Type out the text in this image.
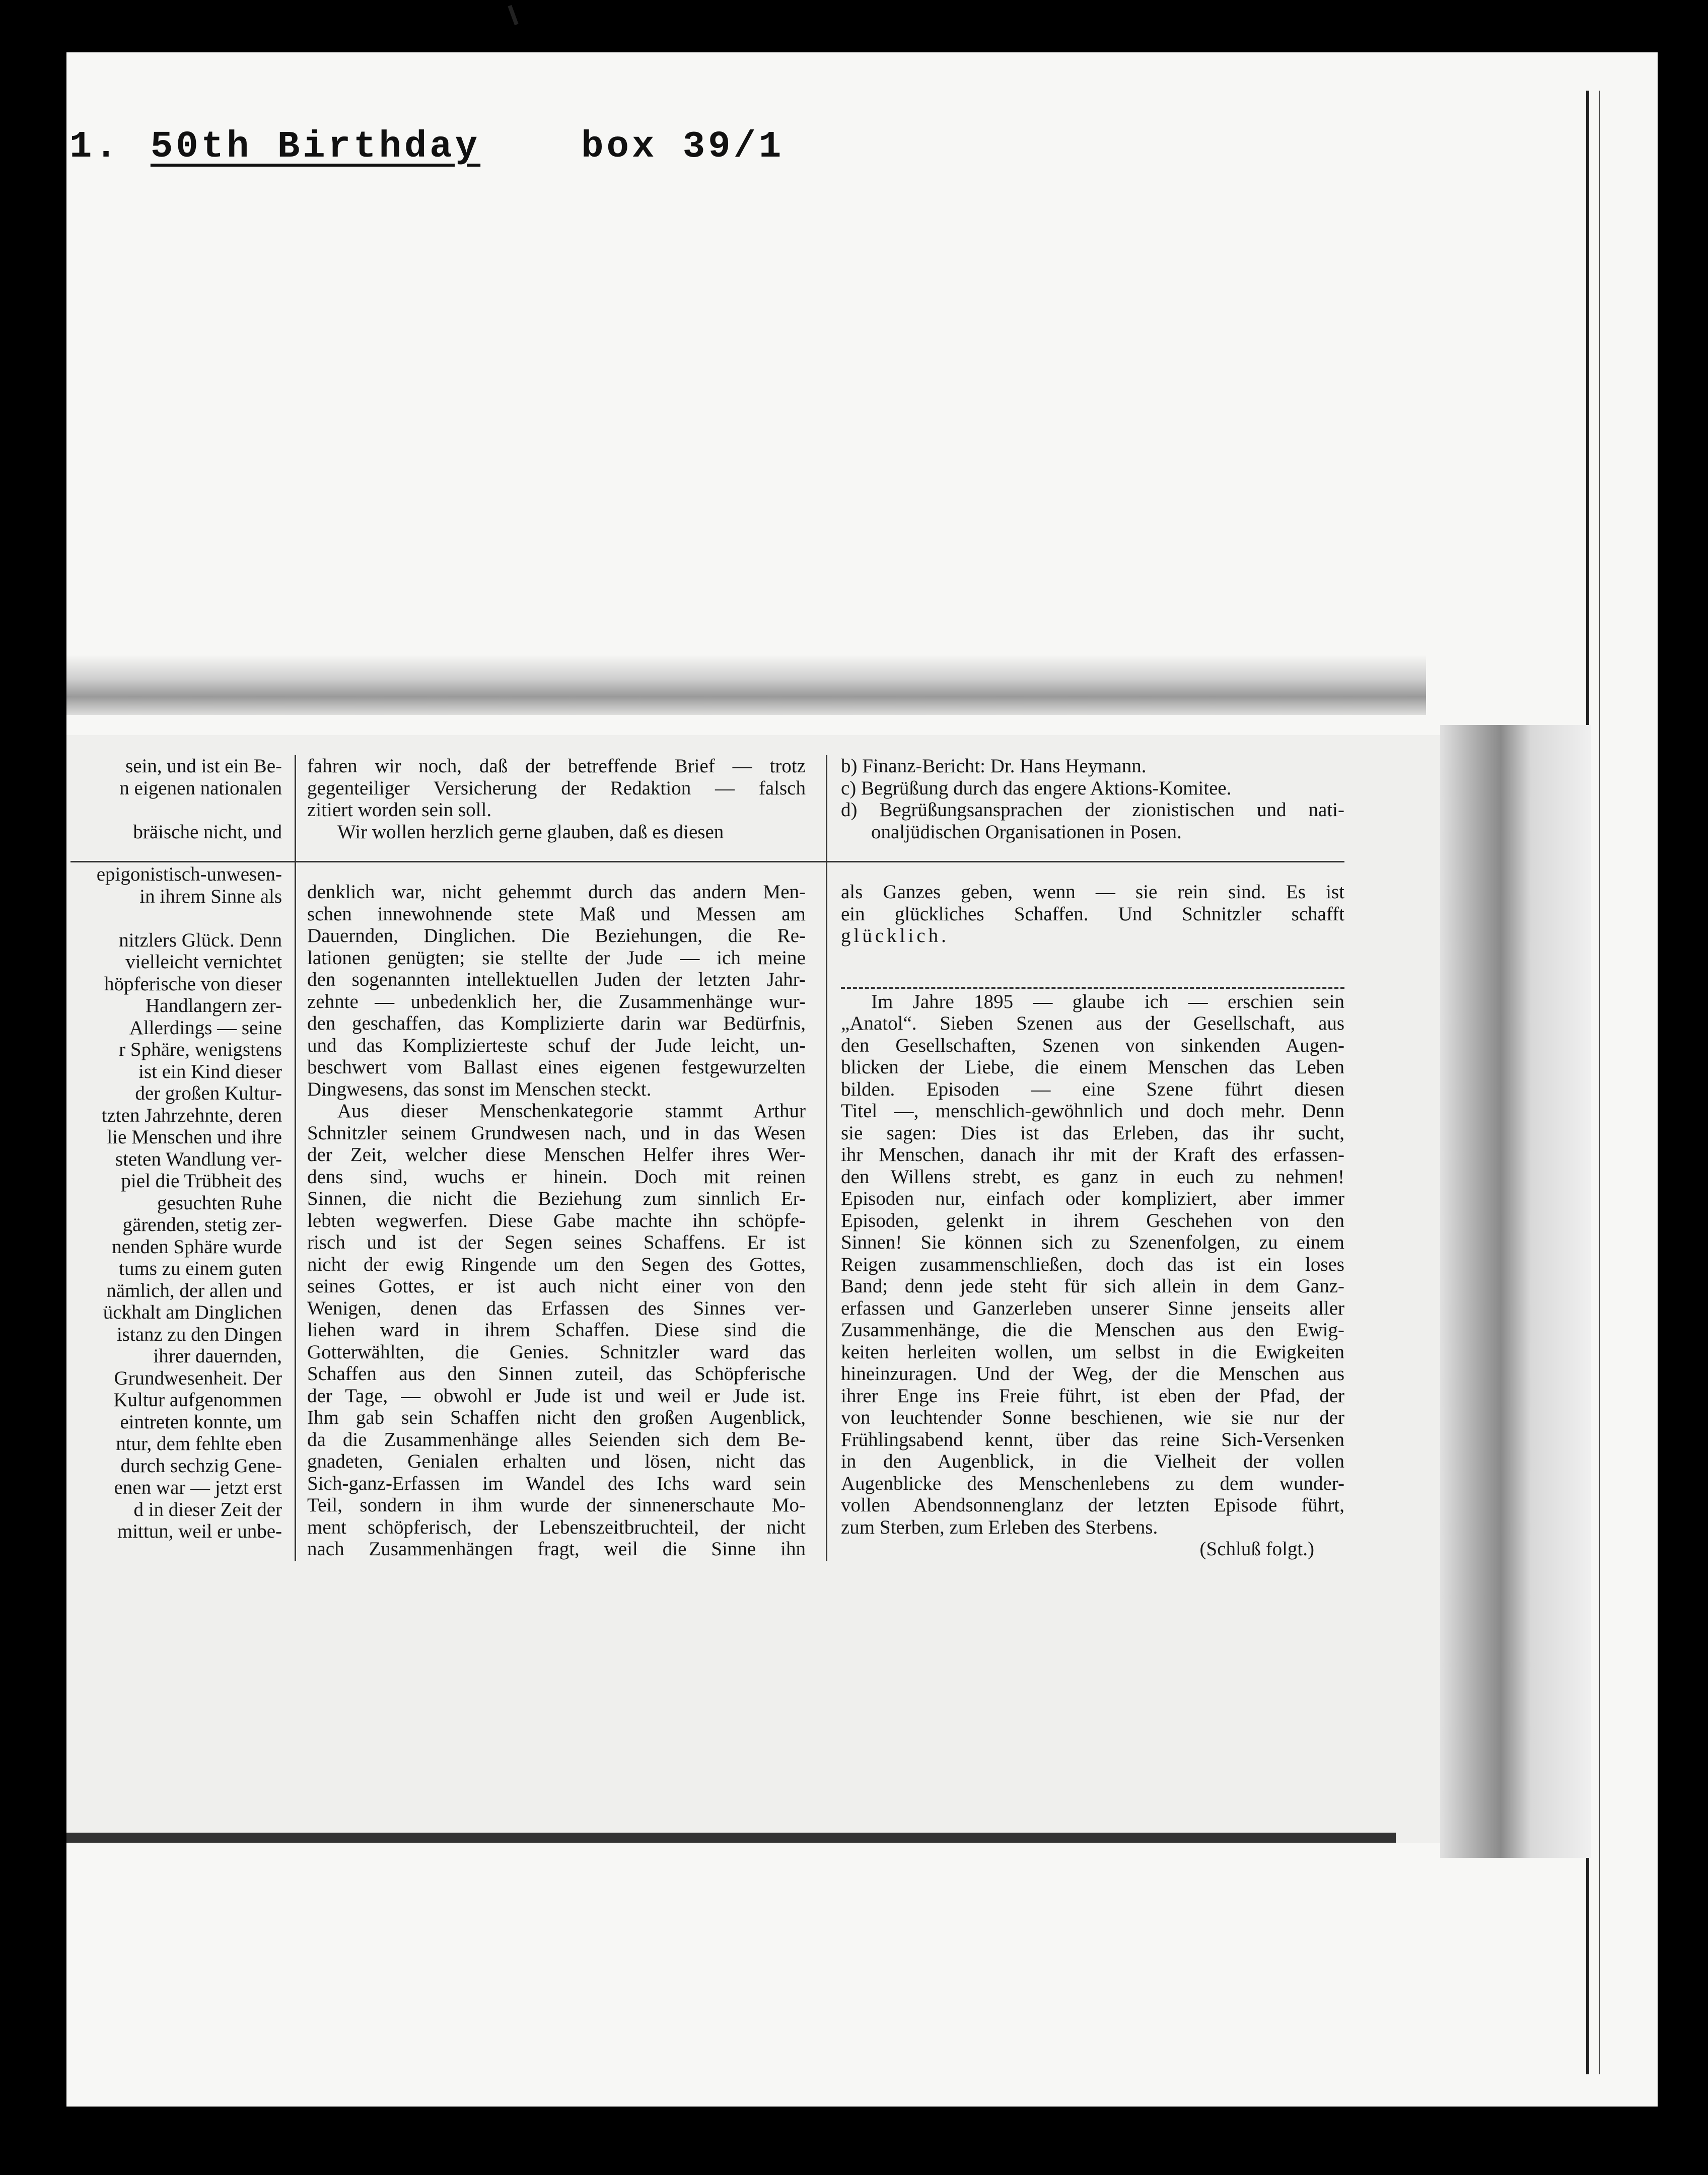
1. 50th Birthday	box 39/1

sein, und ist ein Be-

n eigenen nationalen

bräische nicht, und

epigonistisch-unwesen-

in ihrem Sinne als

nitzlers Glück. Denn

vielleicht vernichtet

höpferische von dieser

Handlangern zer-

Allerdings — seine

r Sphäre, wenigstens

ist ein Kind dieser

der großen Kultur-

tzten Jahrzehnte, deren

lie Menschen und ihre

steten Wandlung ver-

piel die Trübheit des

gesuchten Ruhe

gärenden, stetig zer-

nenden Sphäre wurde

tums zu einem guten

nämlich, der allen und

ückhalt am Dinglichen

istanz zu den Dingen

ihrer dauernden,

Grundwesenheit. Der

Kultur aufgenommen

eintreten konnte, um

ntur, dem fehlte eben

durch sechzig Gene-

enen war — jetzt erst

d in dieser Zeit der

mittun, weil er unbe-

fahren wir noch, daß der betreffende Brief — trotz

gegenteiliger Versicherung der Redaktion — falsch

zitiert worden sein soll.

Wir wollen herzlich gerne glauben, daß es diesen

denklich war, nicht gehemmt durch das andern Men-

schen innewohnende stete Maß und Messen am

Dauernden, Dinglichen. Die Beziehungen, die Re-

lationen genügten; sie stellte der Jude — ich meine

den sogenannten intellektuellen Juden der letzten Jahr-

zehnte — unbedenklich her, die Zusammenhänge wur-

den geschaffen, das Komplizierte darin war Bedürfnis,

und das Komplizierteste schuf der Jude leicht, un-

beschwert vom Ballast eines eigenen festgewurzelten

Dingwesens, das sonst im Menschen steckt.

Aus dieser Menschenkategorie stammt Arthur

Schnitzler seinem Grundwesen nach, und in das Wesen

der Zeit, welcher diese Menschen Helfer ihres Wer-

dens sind, wuchs er hinein. Doch mit reinen

Sinnen, die nicht die Beziehung zum sinnlich Er-

lebten wegwerfen. Diese Gabe machte ihn schöpfe-

risch und ist der Segen seines Schaffens. Er ist

nicht der ewig Ringende um den Segen des Gottes,

seines Gottes, er ist auch nicht einer von den

Wenigen, denen das Erfassen des Sinnes ver-

liehen ward in ihrem Schaffen. Diese sind die

Gotterwählten, die Genies. Schnitzler ward das

Schaffen aus den Sinnen zuteil, das Schöpferische

der Tage, — obwohl er Jude ist und weil er Jude ist.

Ihm gab sein Schaffen nicht den großen Augenblick,

da die Zusammenhänge alles Seienden sich dem Be-

gnadeten, Genialen erhalten und lösen, nicht das

Sich-ganz-Erfassen im Wandel des Ichs ward sein

Teil, sondern in ihm wurde der sinnenerschaute Mo-

ment schöpferisch, der Lebenszeitbruchteil, der nicht

nach Zusammenhängen fragt, weil die Sinne ihn

b) Finanz-Bericht: Dr. Hans Heymann.

c) Begrüßung durch das engere Aktions-Komitee.

d) Begrüßungsansprachen der zionistischen und nati-

onaljüdischen Organisationen in Posen.

als Ganzes geben, wenn — sie rein sind. Es ist

ein glückliches Schaffen. Und Schnitzler schafft

glücklich.

Im Jahre 1895 — glaube ich — erschien sein

„Anatol“. Sieben Szenen aus der Gesellschaft, aus

den Gesellschaften, Szenen von sinkenden Augen-

blicken der Liebe, die einem Menschen das Leben

bilden. Episoden — eine Szene führt diesen

Titel —, menschlich-gewöhnlich und doch mehr. Denn

sie sagen: Dies ist das Erleben, das ihr sucht,

ihr Menschen, danach ihr mit der Kraft des erfassen-

den Willens strebt, es ganz in euch zu nehmen!

Episoden nur, einfach oder kompliziert, aber immer

Episoden, gelenkt in ihrem Geschehen von den

Sinnen! Sie können sich zu Szenenfolgen, zu einem

Reigen zusammenschließen, doch das ist ein loses

Band; denn jede steht für sich allein in dem Ganz-

erfassen und Ganzerleben unserer Sinne jenseits aller

Zusammenhänge, die die Menschen aus den Ewig-

keiten herleiten wollen, um selbst in die Ewigkeiten

hineinzuragen. Und der Weg, der die Menschen aus

ihrer Enge ins Freie führt, ist eben der Pfad, der

von leuchtender Sonne beschienen, wie sie nur der

Frühlingsabend kennt, über das reine Sich-Versenken

in den Augenblick, in die Vielheit der vollen

Augenblicke des Menschenlebens zu dem wunder-

vollen Abendsonnenglanz der letzten Episode führt,

zum Sterben, zum Erleben des Sterbens.

(Schluß folgt.)
